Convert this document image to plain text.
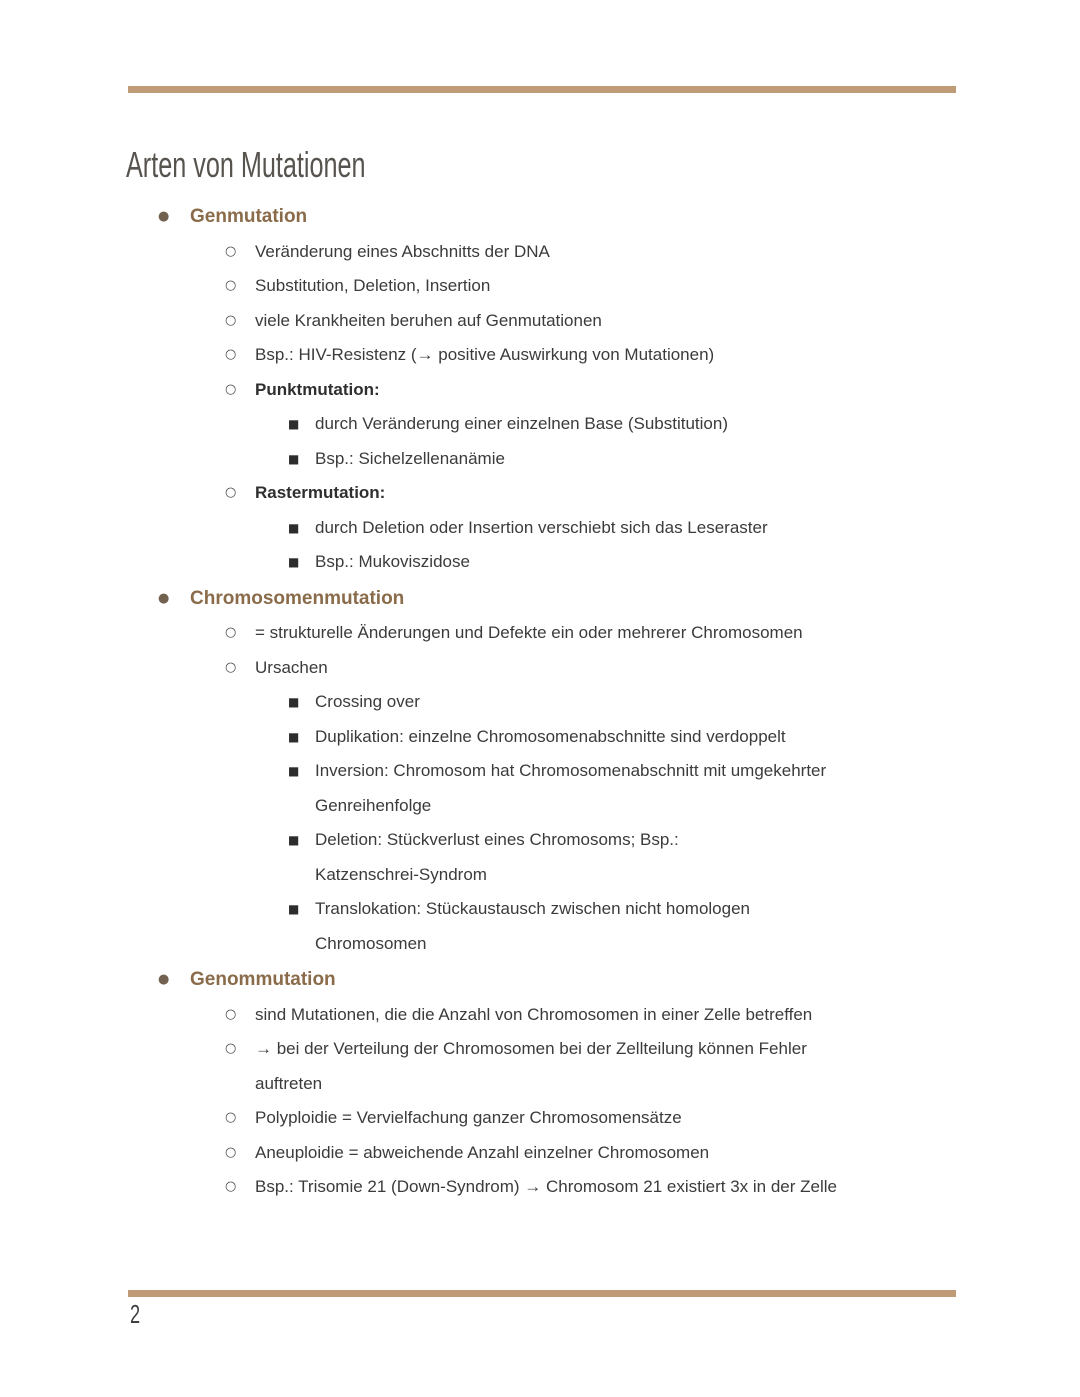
Arten von Mutationen
●	Genmutation
○	Veränderung eines Abschnitts der DNA
○	Substitution, Deletion, Insertion
○	viele Krankheiten beruhen auf Genmutationen
○	Bsp.: HIV-Resistenz (→ positive Auswirkung von Mutationen)
○	Punktmutation:
■ durch Veränderung einer einzelnen Base (Substitution)
■ Bsp.: Sichelzellenanämie
○	Rastermutation:
■ durch Deletion oder Insertion verschiebt sich das Leseraster
■ Bsp.: Mukoviszidose
●	Chromosomenmutation
○	= strukturelle Änderungen und Defekte ein oder mehrerer Chromosomen
○	Ursachen
■ Crossing over
■ Duplikation: einzelne Chromosomenabschnitte sind verdoppelt
■ Inversion: Chromosom hat Chromosomenabschnitt mit umgekehrter
Genreihenfolge
■ Deletion: Stückverlust eines Chromosoms; Bsp.:
Katzenschrei-Syndrom
■ Translokation: Stückaustausch zwischen nicht homologen
Chromosomen
●	Genommutation
○	sind Mutationen, die die Anzahl von Chromosomen in einer Zelle betreffen
○	→ bei der Verteilung der Chromosomen bei der Zellteilung können Fehler
auftreten
○	Polyploidie = Vervielfachung ganzer Chromosomensätze
○	Aneuploidie = abweichende Anzahl einzelner Chromosomen
○	Bsp.: Trisomie 21 (Down-Syndrom) → Chromosom 21 existiert 3x in der Zelle
2
